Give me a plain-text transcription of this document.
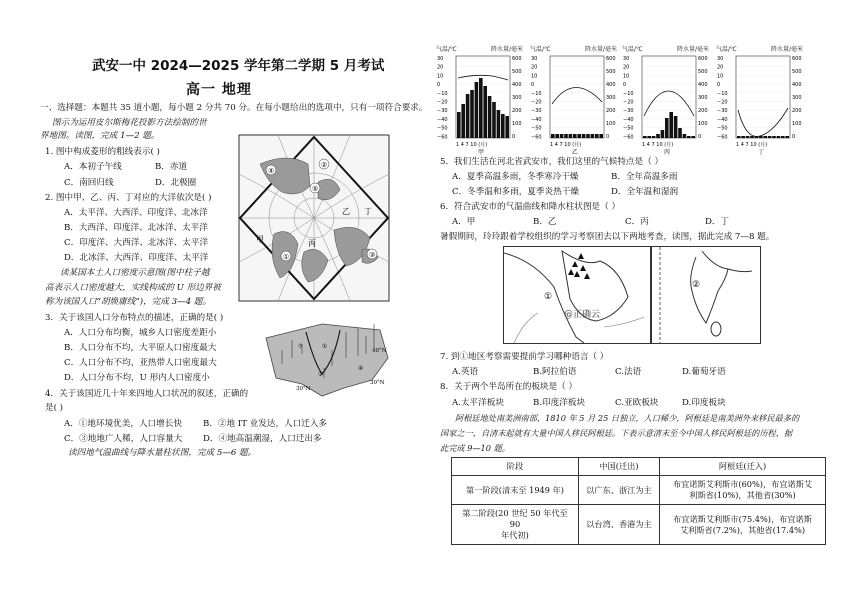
武安一中 2024—2025 学年第二学期 5 月考试
高一 地理
一、选择题：本题共 35 道小题，每小题 2 分共 70 分。在每小题给出的选项中，只有一项符合要求。
图示为运用皮尔斯梅花投影方法绘制的世
界地图。读图，完成 1—2 题。
1. 图中构成菱形的粗线表示( )
A．本初子午线	B．赤道
C．南回归线	D．北极圈
2. 图中甲、乙、丙、丁对应的大洋依次是( )
A．太平洋、大西洋、印度洋、北冰洋
B．大西洋、印度洋、北冰洋、太平洋
C．印度洋、大西洋、北冰洋、太平洋
D．北冰洋、大西洋、印度洋、太平洋
④
⑤
②
①	③
甲
乙
丙
丁
读某国本土人口密度示意图(图中柱子越
高表示人口密度越大，实线构成的 U 形边界被
称为该国人口“胡焕庸线”)，完成 3—4 题。
3．关于该国人口分布特点的描述，正确的是( )
A．人口分布均衡，城乡人口密度差距小
B．人口分布不均，大平原人口密度最大
C．人口分布不均，亚热带人口密度最大
D．人口分布不均，U 形内人口密度小
③	①
②
④
30°N
30°N
40°N
4．关于该国近几十年来四地人口状况的叙述，正确的
是( )
A．①地环境优美，人口增长快 B．②地 IT 业发达，人口迁入多
C．③地地广人稀，人口容量大 D．④地高温潮湿，人口迁出多
读四地气温曲线与降水量柱状图，完成 5—6 题。
气温/℃	降水量/毫米
30
20
10
0
−10
−20
−30
−40
−50
−60
600
500
400
300
200
100
0
1 4 7 10 (月)
甲
气温/℃	降水量/毫米
30
20
10
0
−10
−20
−30
−40
−50
−60
600
500
400
300
200
100
0
1 4 7 10 (月)
乙
气温/℃	降水量/毫米
30
20
10
0
−10
−20
−30
−40
−50
−60
600
500
400
300
200
100
0
1 4 7 10 (月)
丙
气温/℃	降水量/毫米
30
20
10
0
−10
−20
−30
−40
−50
−60
600
500
400
300
200
100
0
1 4 7 10 (月)
丁
5．我们生活在河北省武安市，我们这里的气候特点是（ ）
A．夏季高温多雨，冬季寒冷干燥	B．全年高温多雨
C．冬季温和多雨，夏季炎热干燥	D．全年温和湿润
6．符合武安市的气温曲线和降水柱状图是（ ）
A．甲	B．乙	C．丙	D．丁
暑假期间，玲玲跟着学校组织的学习考察团去以下两地考查，读图，据此完成 7—8 题。
①
@正确云
②
7. 到①地区考察需要提前学习哪种语言（ ）
A.英语	B.阿拉伯语	C.法语	D.葡萄牙语
8．关于两个半岛所在的板块是（ ）
A.太平洋板块	B.印度洋板块	C.亚欧板块	D.印度板块
阿根廷地处南美洲南部，1810 年 5 月 25 日独立，人口稀少，阿根廷是南美洲外来移民最多的
国家之一，自清末起就有大量中国人移民阿根廷。下表示意清末至今中国人移民阿根廷的历程，据
此完成 9—10 题。
阶段	中国(迁出)	阿根廷(迁入)
第一阶段(清末至 1949 年)	以广东、浙江为主	布宜诺斯艾利斯市(60%)，布宜诺斯艾
利斯省(10%)，其他省(30%)
第二阶段(20 世纪 50 年代至 90
年代初)	以台湾、香港为主	布宜诺斯艾利斯市(75.4%)，布宜诺斯
艾利斯省(7.2%)，其他省(17.4%)
